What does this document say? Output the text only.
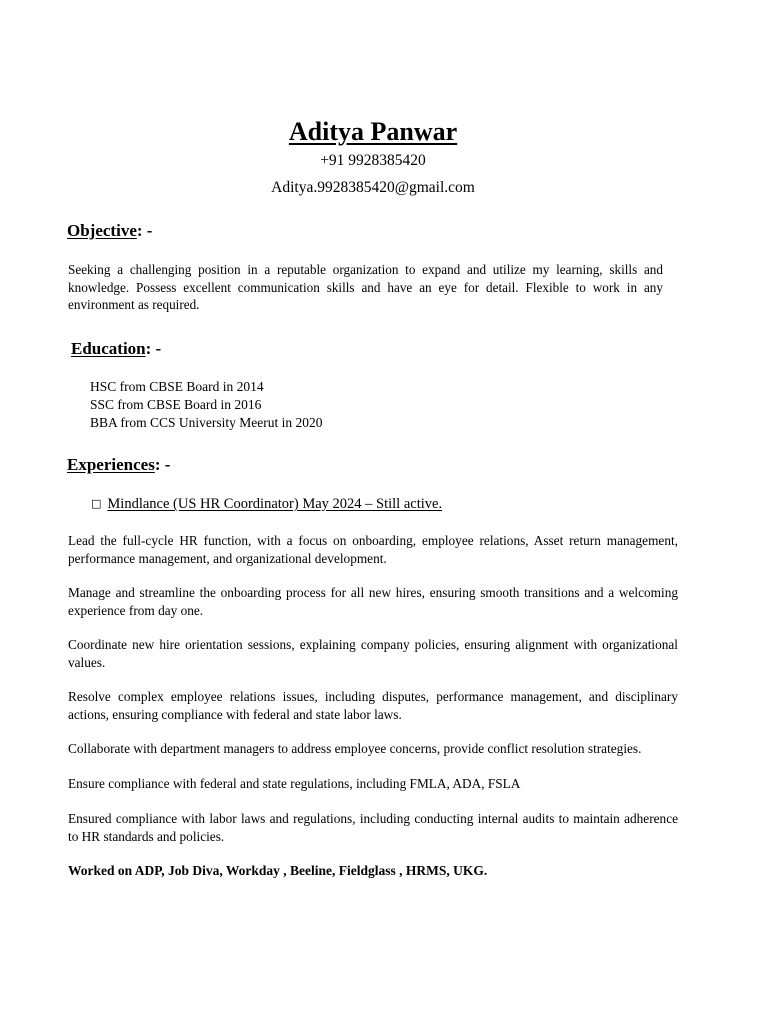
Aditya Panwar

+91 9928385420

Aditya.9928385420@gmail.com

Objective: -

Seeking a challenging position in a reputable organization to expand and utilize my learning, skills and knowledge. Possess excellent communication skills and have an eye for detail. Flexible to work in any environment as required.

Education: -
HSC from CBSE Board in 2014
SSC from CBSE Board in 2016
BBA from CCS University Meerut in 2020
Experiences: -

□ Mindlance (US HR Coordinator) May 2024 – Still active.

Lead the full-cycle HR function, with a focus on onboarding, employee relations, Asset return management, performance management, and organizational development.

Manage and streamline the onboarding process for all new hires, ensuring smooth transitions and a welcoming experience from day one.

Coordinate new hire orientation sessions, explaining company policies, ensuring alignment with organizational values.

Resolve complex employee relations issues, including disputes, performance management, and disciplinary actions, ensuring compliance with federal and state labor laws.

Collaborate with department managers to address employee concerns, provide conflict resolution strategies.

Ensure compliance with federal and state regulations, including FMLA, ADA, FSLA

Ensured compliance with labor laws and regulations, including conducting internal audits to maintain adherence to HR standards and policies.

Worked on ADP, Job Diva, Workday , Beeline, Fieldglass , HRMS, UKG.
